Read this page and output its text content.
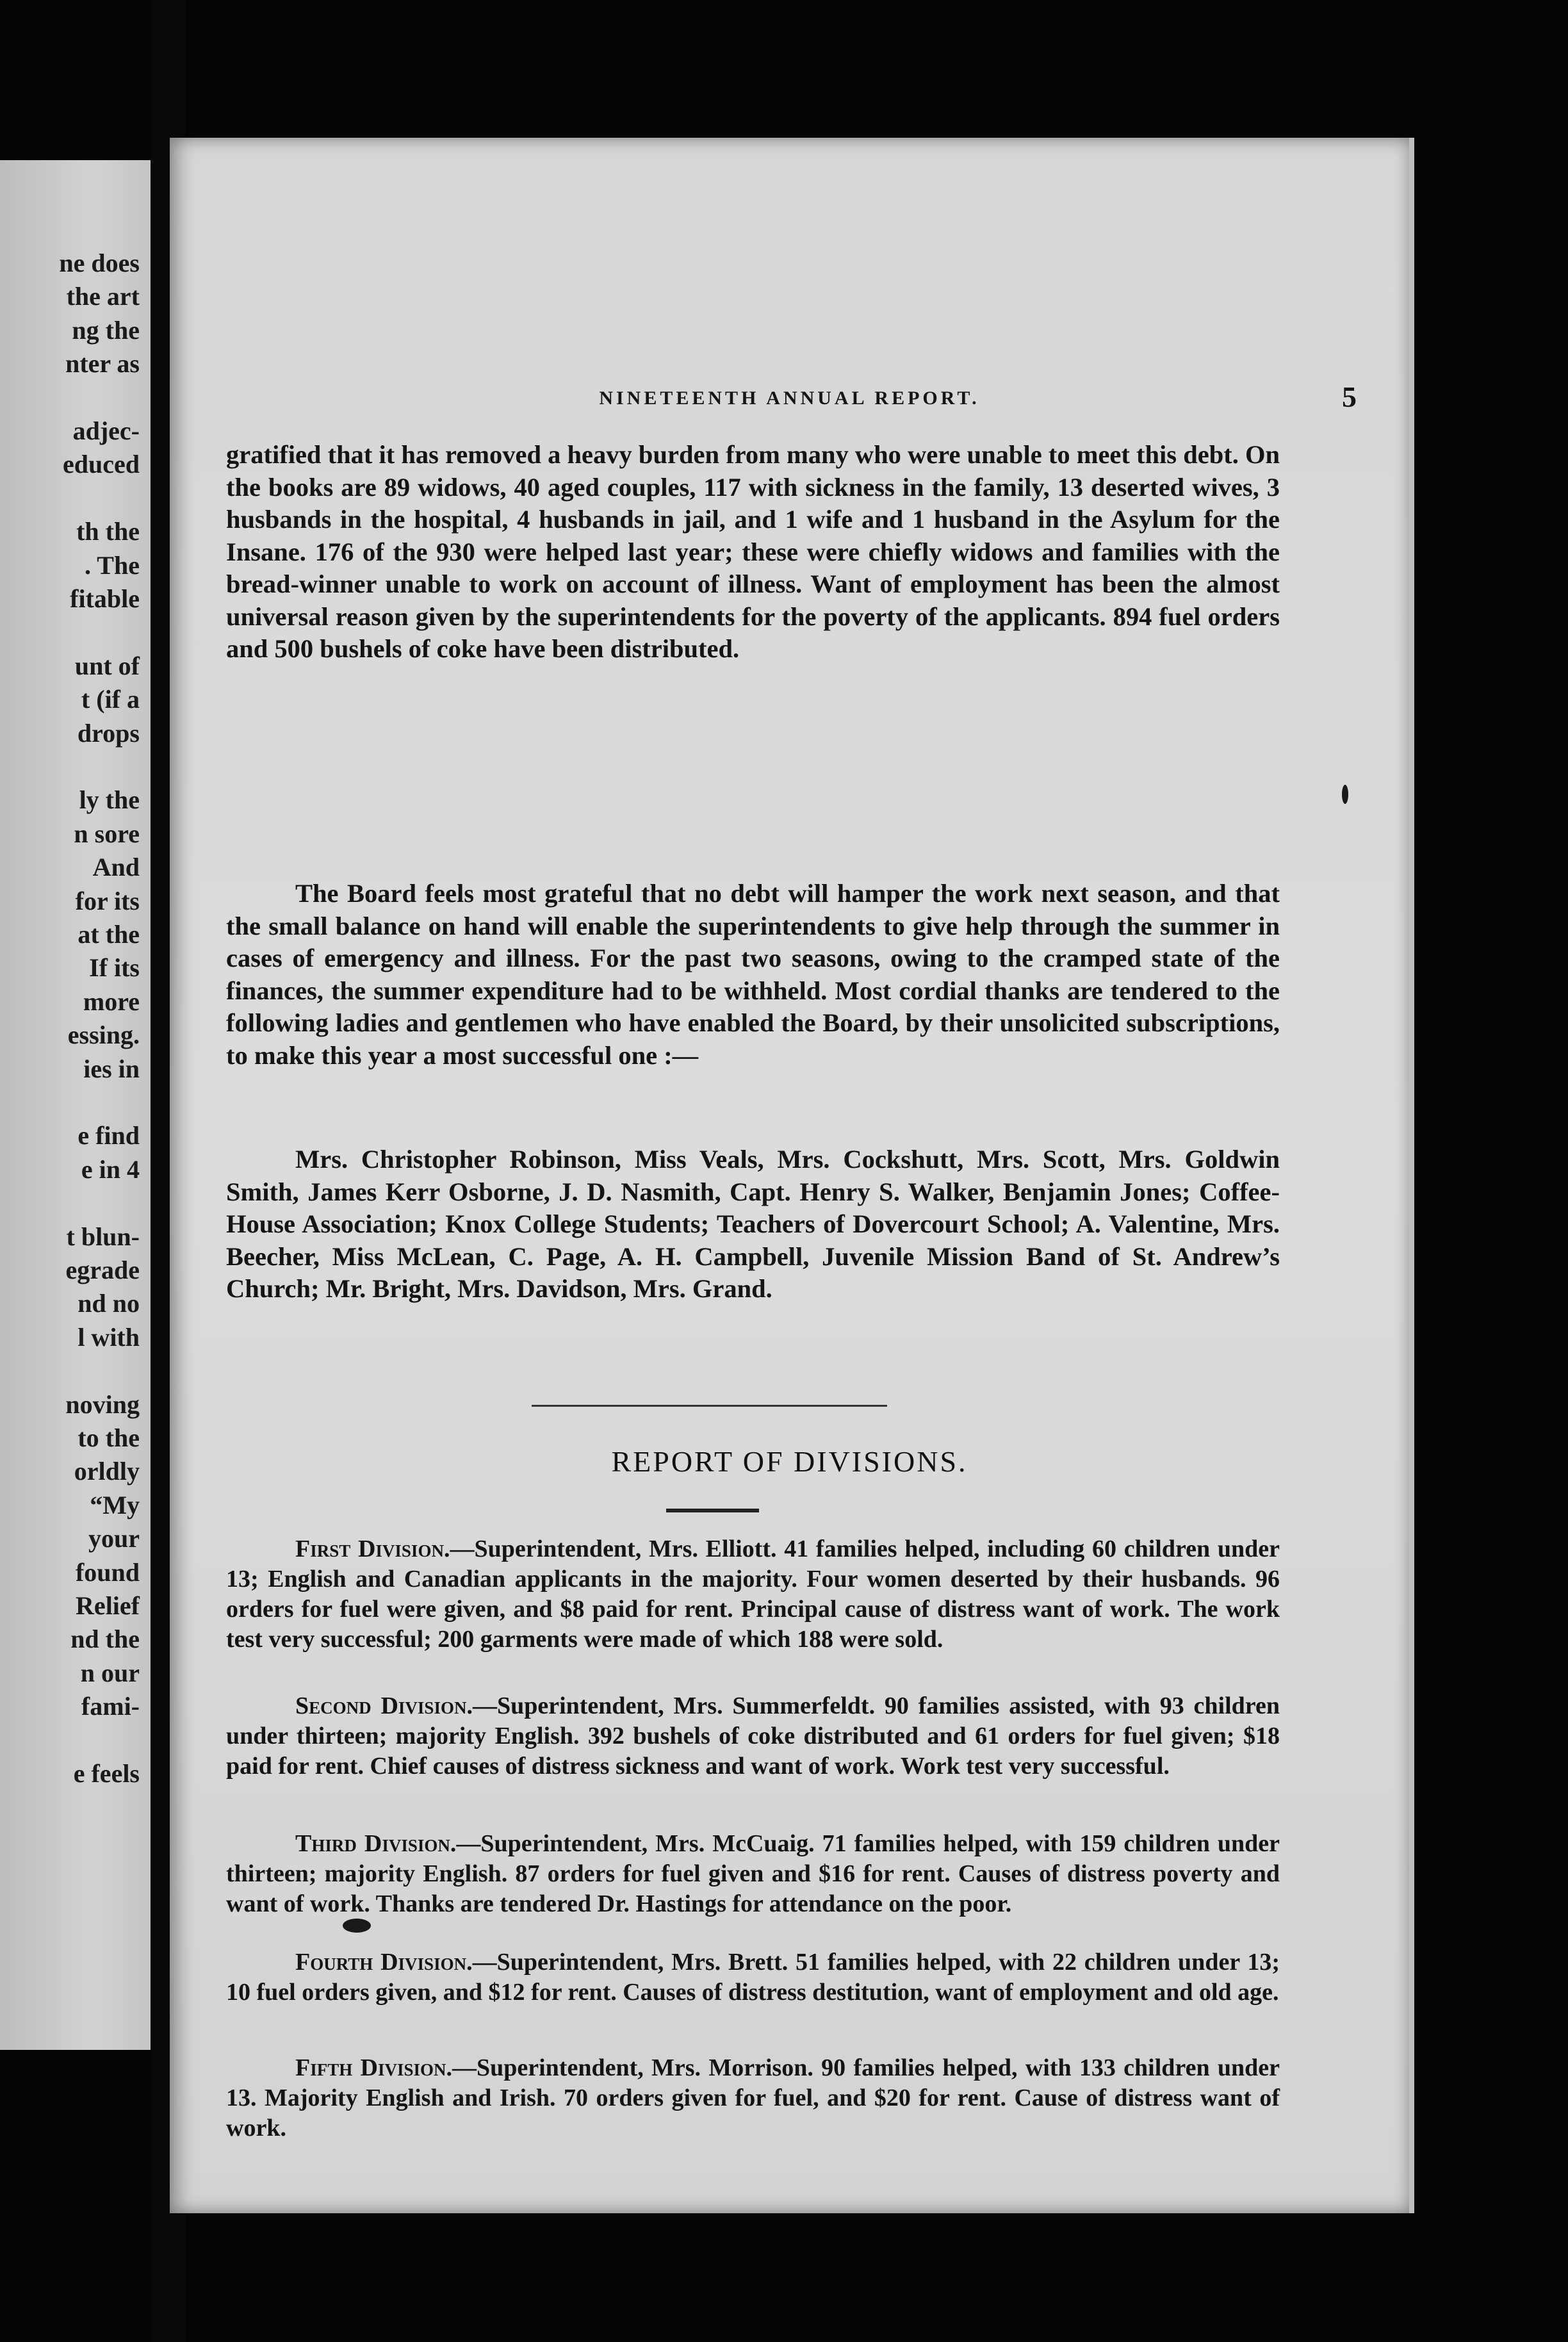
ne does
the art
ng the
nter as
adjec-
educed
th the
. The
fitable
unt of
t (if a
drops
ly the
n sore
And
for its
at the
If its
more
essing.
ies in
e find
e in 4
t blun-
egrade
nd no
l with
noving
to the
orldly
“My
your
found
Relief
nd the
n our
fami-
e feels
NINETEENTH ANNUAL REPORT.	5

gratified that it has removed a heavy burden from many who were unable to meet this debt. On the books are 89 widows, 40 aged couples, 117 with sickness in the family, 13 deserted wives, 3 husbands in the hospital, 4 husbands in jail, and 1 wife and 1 husband in the Asylum for the Insane. 176 of the 930 were helped last year; these were chiefly widows and families with the bread-winner unable to work on account of illness. Want of employment has been the almost universal reason given by the superintendents for the poverty of the applicants. 894 fuel orders and 500 bushels of coke have been distributed.

The Board feels most grateful that no debt will hamper the work next season, and that the small balance on hand will enable the superintendents to give help through the summer in cases of emergency and illness. For the past two seasons, owing to the cramped state of the finances, the summer expenditure had to be withheld. Most cordial thanks are tendered to the following ladies and gentlemen who have enabled the Board, by their unsolicited subscriptions, to make this year a most successful one :—

Mrs. Christopher Robinson, Miss Veals, Mrs. Cockshutt, Mrs. Scott, Mrs. Goldwin Smith, James Kerr Osborne, J. D. Nasmith, Capt. Henry S. Walker, Benjamin Jones; Coffee-House Association; Knox College Students; Teachers of Dovercourt School; A. Valentine, Mrs. Beecher, Miss McLean, C. Page, A. H. Campbell, Juvenile Mission Band of St. Andrew’s Church; Mr. Bright, Mrs. Davidson, Mrs. Grand.

REPORT OF DIVISIONS.

First Division.—Superintendent, Mrs. Elliott. 41 families helped, including 60 children under 13; English and Canadian applicants in the majority. Four women deserted by their husbands. 96 orders for fuel were given, and $8 paid for rent. Principal cause of distress want of work. The work test very successful; 200 garments were made of which 188 were sold.

Second Division.—Superintendent, Mrs. Summerfeldt. 90 families assisted, with 93 children under thirteen; majority English. 392 bushels of coke distributed and 61 orders for fuel given; $18 paid for rent. Chief causes of distress sickness and want of work. Work test very successful.

Third Division.—Superintendent, Mrs. McCuaig. 71 families helped, with 159 children under thirteen; majority English. 87 orders for fuel given and $16 for rent. Causes of distress poverty and want of work. Thanks are tendered Dr. Hastings for attendance on the poor.

Fourth Division.—Superintendent, Mrs. Brett. 51 families helped, with 22 children under 13; 10 fuel orders given, and $12 for rent. Causes of distress destitution, want of employment and old age.

Fifth Division.—Superintendent, Mrs. Morrison. 90 families helped, with 133 children under 13. Majority English and Irish. 70 orders given for fuel, and $20 for rent. Cause of distress want of work.
